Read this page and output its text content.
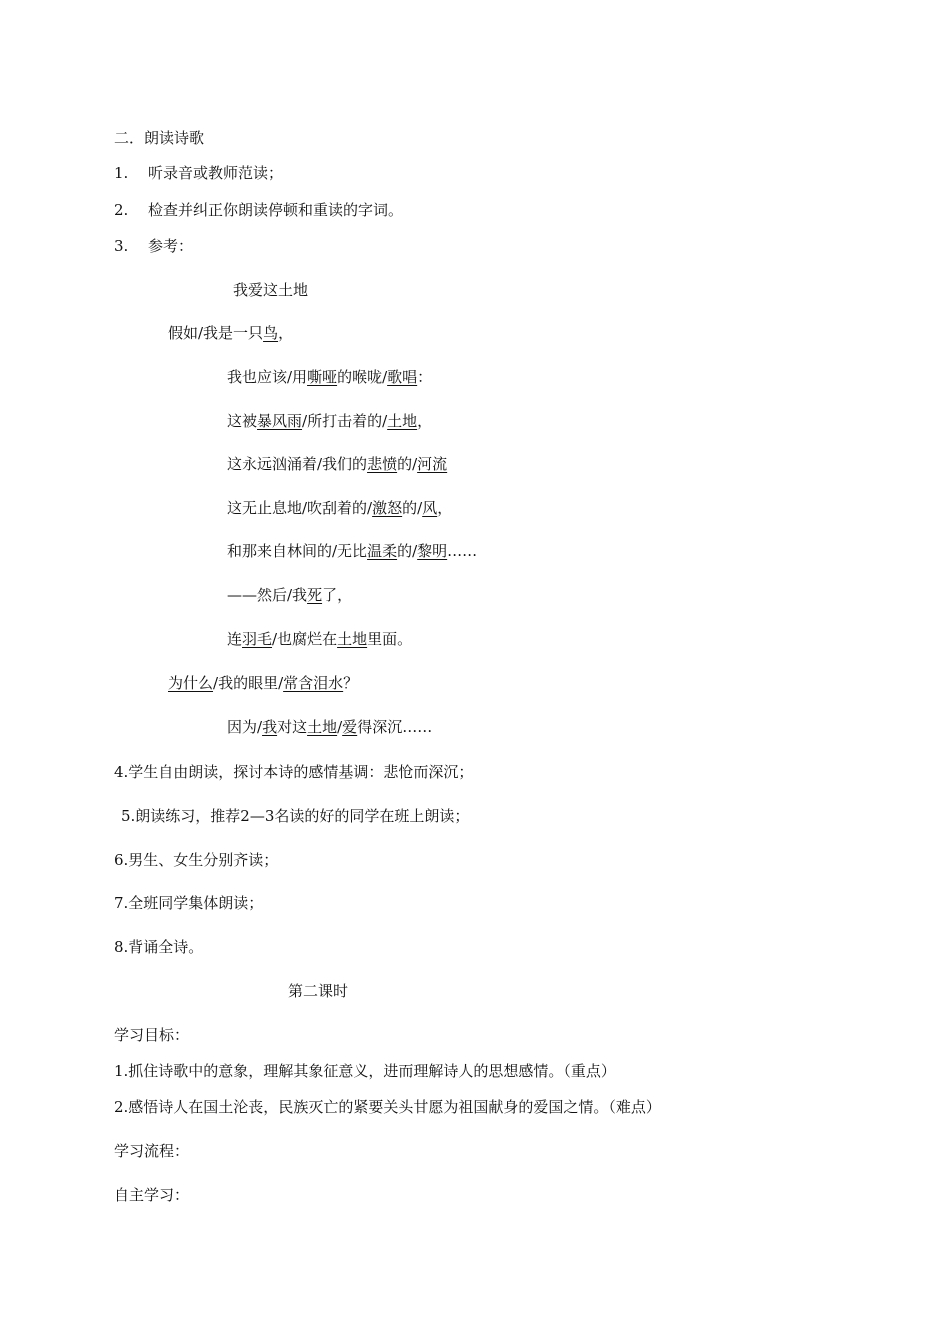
二．朗读诗歌
1. 听录音或教师范读；
2. 检查并纠正你朗读停顿和重读的字词。
3. 参考：
我爱这土地
假如/我是一只鸟，
我也应该/用嘶哑的喉咙/歌唱：
这被暴风雨/所打击着的/土地，
这永远汹涌着/我们的悲愤的/河流
这无止息地/吹刮着的/激怒的/风，
和那来自林间的/无比温柔的/黎明……
——然后/我死了，
连羽毛/也腐烂在土地里面。
为什么/我的眼里/常含泪水？
因为/我对这土地/爱得深沉……
4.学生自由朗读，探讨本诗的感情基调：悲怆而深沉；
5.朗读练习，推荐2—3名读的好的同学在班上朗读；
6.男生、女生分别齐读；
7.全班同学集体朗读；
8.背诵全诗。
第二课时
学习目标：
1.抓住诗歌中的意象，理解其象征意义，进而理解诗人的思想感情。（重点）
2.感悟诗人在国土沦丧，民族灭亡的紧要关头甘愿为祖国献身的爱国之情。（难点）
学习流程：
自主学习：
